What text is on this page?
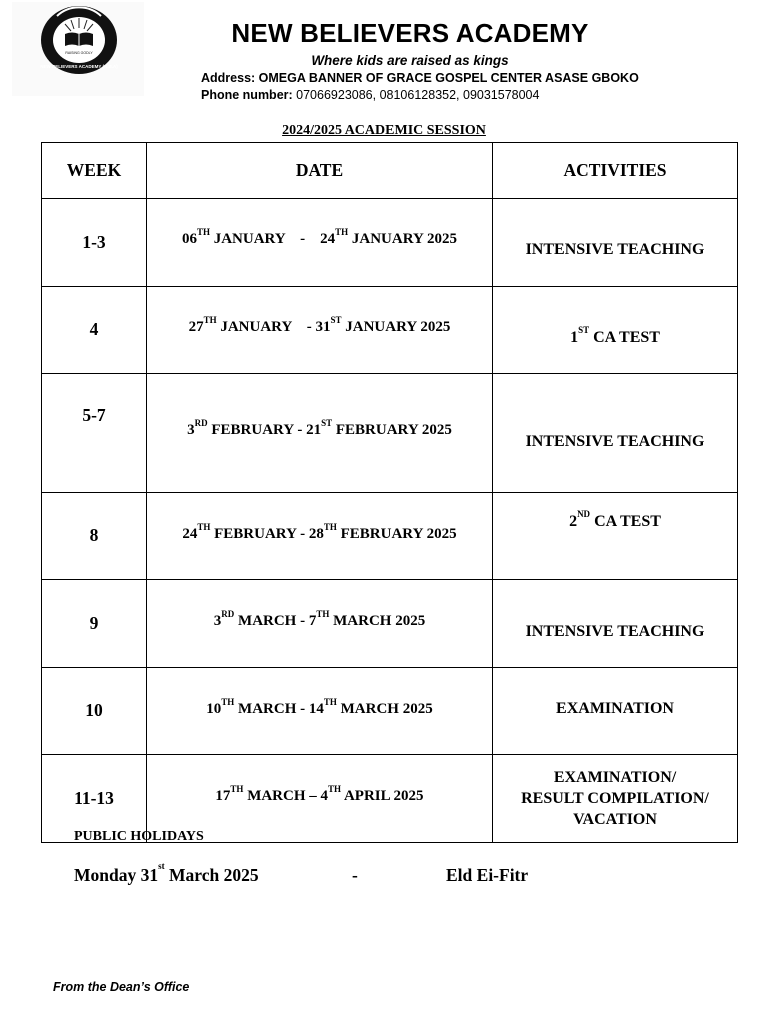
RAISING GODLY
NEW BELIEVERS ACADEMY (N.B.A)
NEW BELIEVERS ACADEMY
Where kids are raised as kings
Address: OMEGA BANNER OF GRACE GOSPEL CENTER ASASE GBOKO
Phone number: 07066923086, 08106128352, 09031578004
2024/2025 ACADEMIC SESSION
WEEK	DATE	ACTIVITIES
1-3	06TH JANUARY - 24TH JANUARY 2025	INTENSIVE TEACHING

4	27TH JANUARY - 31ST JANUARY 2025	1ST CA TEST

5-7	3RD FEBRUARY - 21ST FEBRUARY 2025	INTENSIVE TEACHING

8	24TH FEBRUARY - 28TH FEBRUARY 2025	2ND CA TEST

9	3RD MARCH - 7TH MARCH 2025	INTENSIVE TEACHING

10	10TH MARCH - 14TH MARCH 2025	EXAMINATION

11-13	17TH MARCH – 4TH APRIL 2025	EXAMINATION/
RESULT COMPILATION/
VACATION
PUBLIC HOLIDAYS
Monday 31st March 2025	-	Eld Ei-Fitr
From the Dean’s Office
